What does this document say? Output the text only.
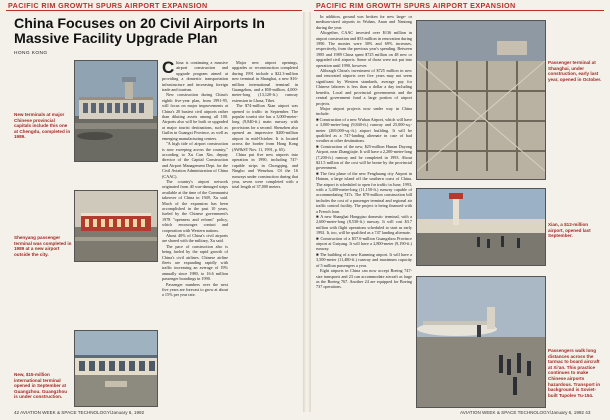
PACIFIC RIM GROWTH SPURS AIRPORT EXPANSION	PACIFIC RIM GROWTH SPURS AIRPORT EXPANSION
China Focuses on 20 Civil Airports In Massive Facility Upgrade Plan
HONG KONG
New terminals at major Chinese provincial capitals include this one at Chengdu, completed in 1989.
Shenyang passenger terminal was completed in 1989 at a new airport outside the city.
New, $15-million international terminal opened in September at Guangzhou. Guangzhou is under construction.

China is continuing a massive airport construction and upgrade program aimed at providing a domestic transportation infrastructure and increasing foreign trade and tourism.

New construction during China's eighth five-year plan, from 1991-95, will focus on major improvements at China's 20 busiest civil airports rather than diluting assets among all 100. Airports also will be built or upgraded at major tourist destinations, such as Guilin in Guangxi Province, as well as emerging manufacturing centers.

"A high tide of airport construction is now sweeping across the country," according to Xu Cun Xin, deputy director of the Capital Construction and Airport Management Dept. for the Civil Aviation Administration of China (CAAC).

The country's airport network originated from 40 war-damaged strips available at the time of the Communist takeover of China in 1949, Xu said. Much of the expansion has been accomplished in the past 10 years, fueled by the Chinese government's 1978 "openness and reform" policy, which encourages contact and cooperation with Western nations.

About 40% of China's civil airports are shared with the military, Xu said.

The pace of construction also is being fueled by the rapid growth of China's civil airlines. Chinese airline fleets are expanding rapidly with traffic increasing an average of 19% annually since 1980, to 16.6 million passenger boardings in 1990.

Passenger numbers over the next five years are forecast to grow at about a 15% per year rate.

Major new airport openings, upgrades or reconstruction completed during 1991 include a $22.3-million new terminal in Shanghai, a new $16-million international terminal in Guangzhou, and a $50-million, 4,000-meter-long (13,120-ft.) runway extension in Lhasa, Tibet.

The $74-million Xian airport was opened to traffic in September. The popular tourist site has a 3,000-meter-long (9,840-ft.) main runway with provisions for a second. Shenzhen also opened an impressive $200-million airport in mid-October. It is located across the border from Hong Kong (AW&ST Nov. 11, 1991, p. 65).

China put five new airports into operation in 1990, including 747-capable strips in Chongqing, and Ningbo and Wenzhou. Of the 16 runways under construction during that year, seven were completed with a total length of 37,000 meters.

In addition, ground was broken for new large- or medium-sized airports in Wuhan, Anan and Nantong during the year.

Altogether, CAAC invested over $136 million in airport construction and $53 million in renovation during 1990. The monies were 30% and 69% increases, respectively, from the previous year's spending. Between 1985 and 1989 China spent $725 million on 48 new or upgraded civil airports. Some of those were not put into operation until 1990, however.

Although China's investment of $725 million in new and renovated airports over five years may not seem significant by Western standards, average pay for Chinese laborers is less than a dollar a day including benefits. Local and provincial governments and the central government fund a large portion of airport projects.

Major airport projects now under way in China include:

■ Construction of a new Wuhan Airport, which will have a 3,000-meter-long (9,840-ft.) runway and 25,000-sq.-meter (269,000-sq.-ft.) airport building. It will be qualified as a 747-landing alternate in case of bad weather at other destinations.

■ Construction of the new, $25-million Hunan Dayong Airport, near Zhangjiajie. It will have a 2,200-meter-long (7,200-ft.) runway and be completed in 1993. About $21.5 million of the cost will be borne by the provincial government.

■ The first phase of the new Fenghuang city Airport in Hainan, a large island off the southern coast of China. The airport is scheduled to open for traffic in June, 1993, with a 3,400-meter-long (11,150-ft.) runway capable of accommodating 747s. The $70-million construction bill includes the cost of a passenger terminal and regional air traffic control facility. The project is being financed with a French loan.

■ A new Shanghai Hongqiao domestic terminal, with a 2,600-meter-long (8,530-ft.) runway. It will cost $3.7 million with flight operations scheduled to start as early 1992. It, too, will be qualified as a 747 landing alternate.

■ Construction of a $57.6-million Guangzhou Province airport at Guiyang. It will have a 2,800-meter (9,190-ft.) runway.

■ The building of a new Kunming airport. It will have a 3,500-meter (11,480-ft.) runway and maximum capacity of 5 million passengers a year.

Eight airports in China can now accept Boeing 747-size transports and 23 can accommodate aircraft as large as the Boeing 767. Another 24 are equipped for Boeing 737 operations.

Passenger terminal at Shanghai, under construction, early last year, opened in October.
Xian, a $12-million airport, opened last September.
Passengers walk long distances across the tarmac to board aircraft at Xi'an. This practice continues to make Chinese airports hazardous. Transport in background is Soviet-built Tupolev Tu-154.
42 AVIATION WEEK & SPACE TECHNOLOGY/January 6, 1992	AVIATION WEEK & SPACE TECHNOLOGY/January 6, 1992 43
